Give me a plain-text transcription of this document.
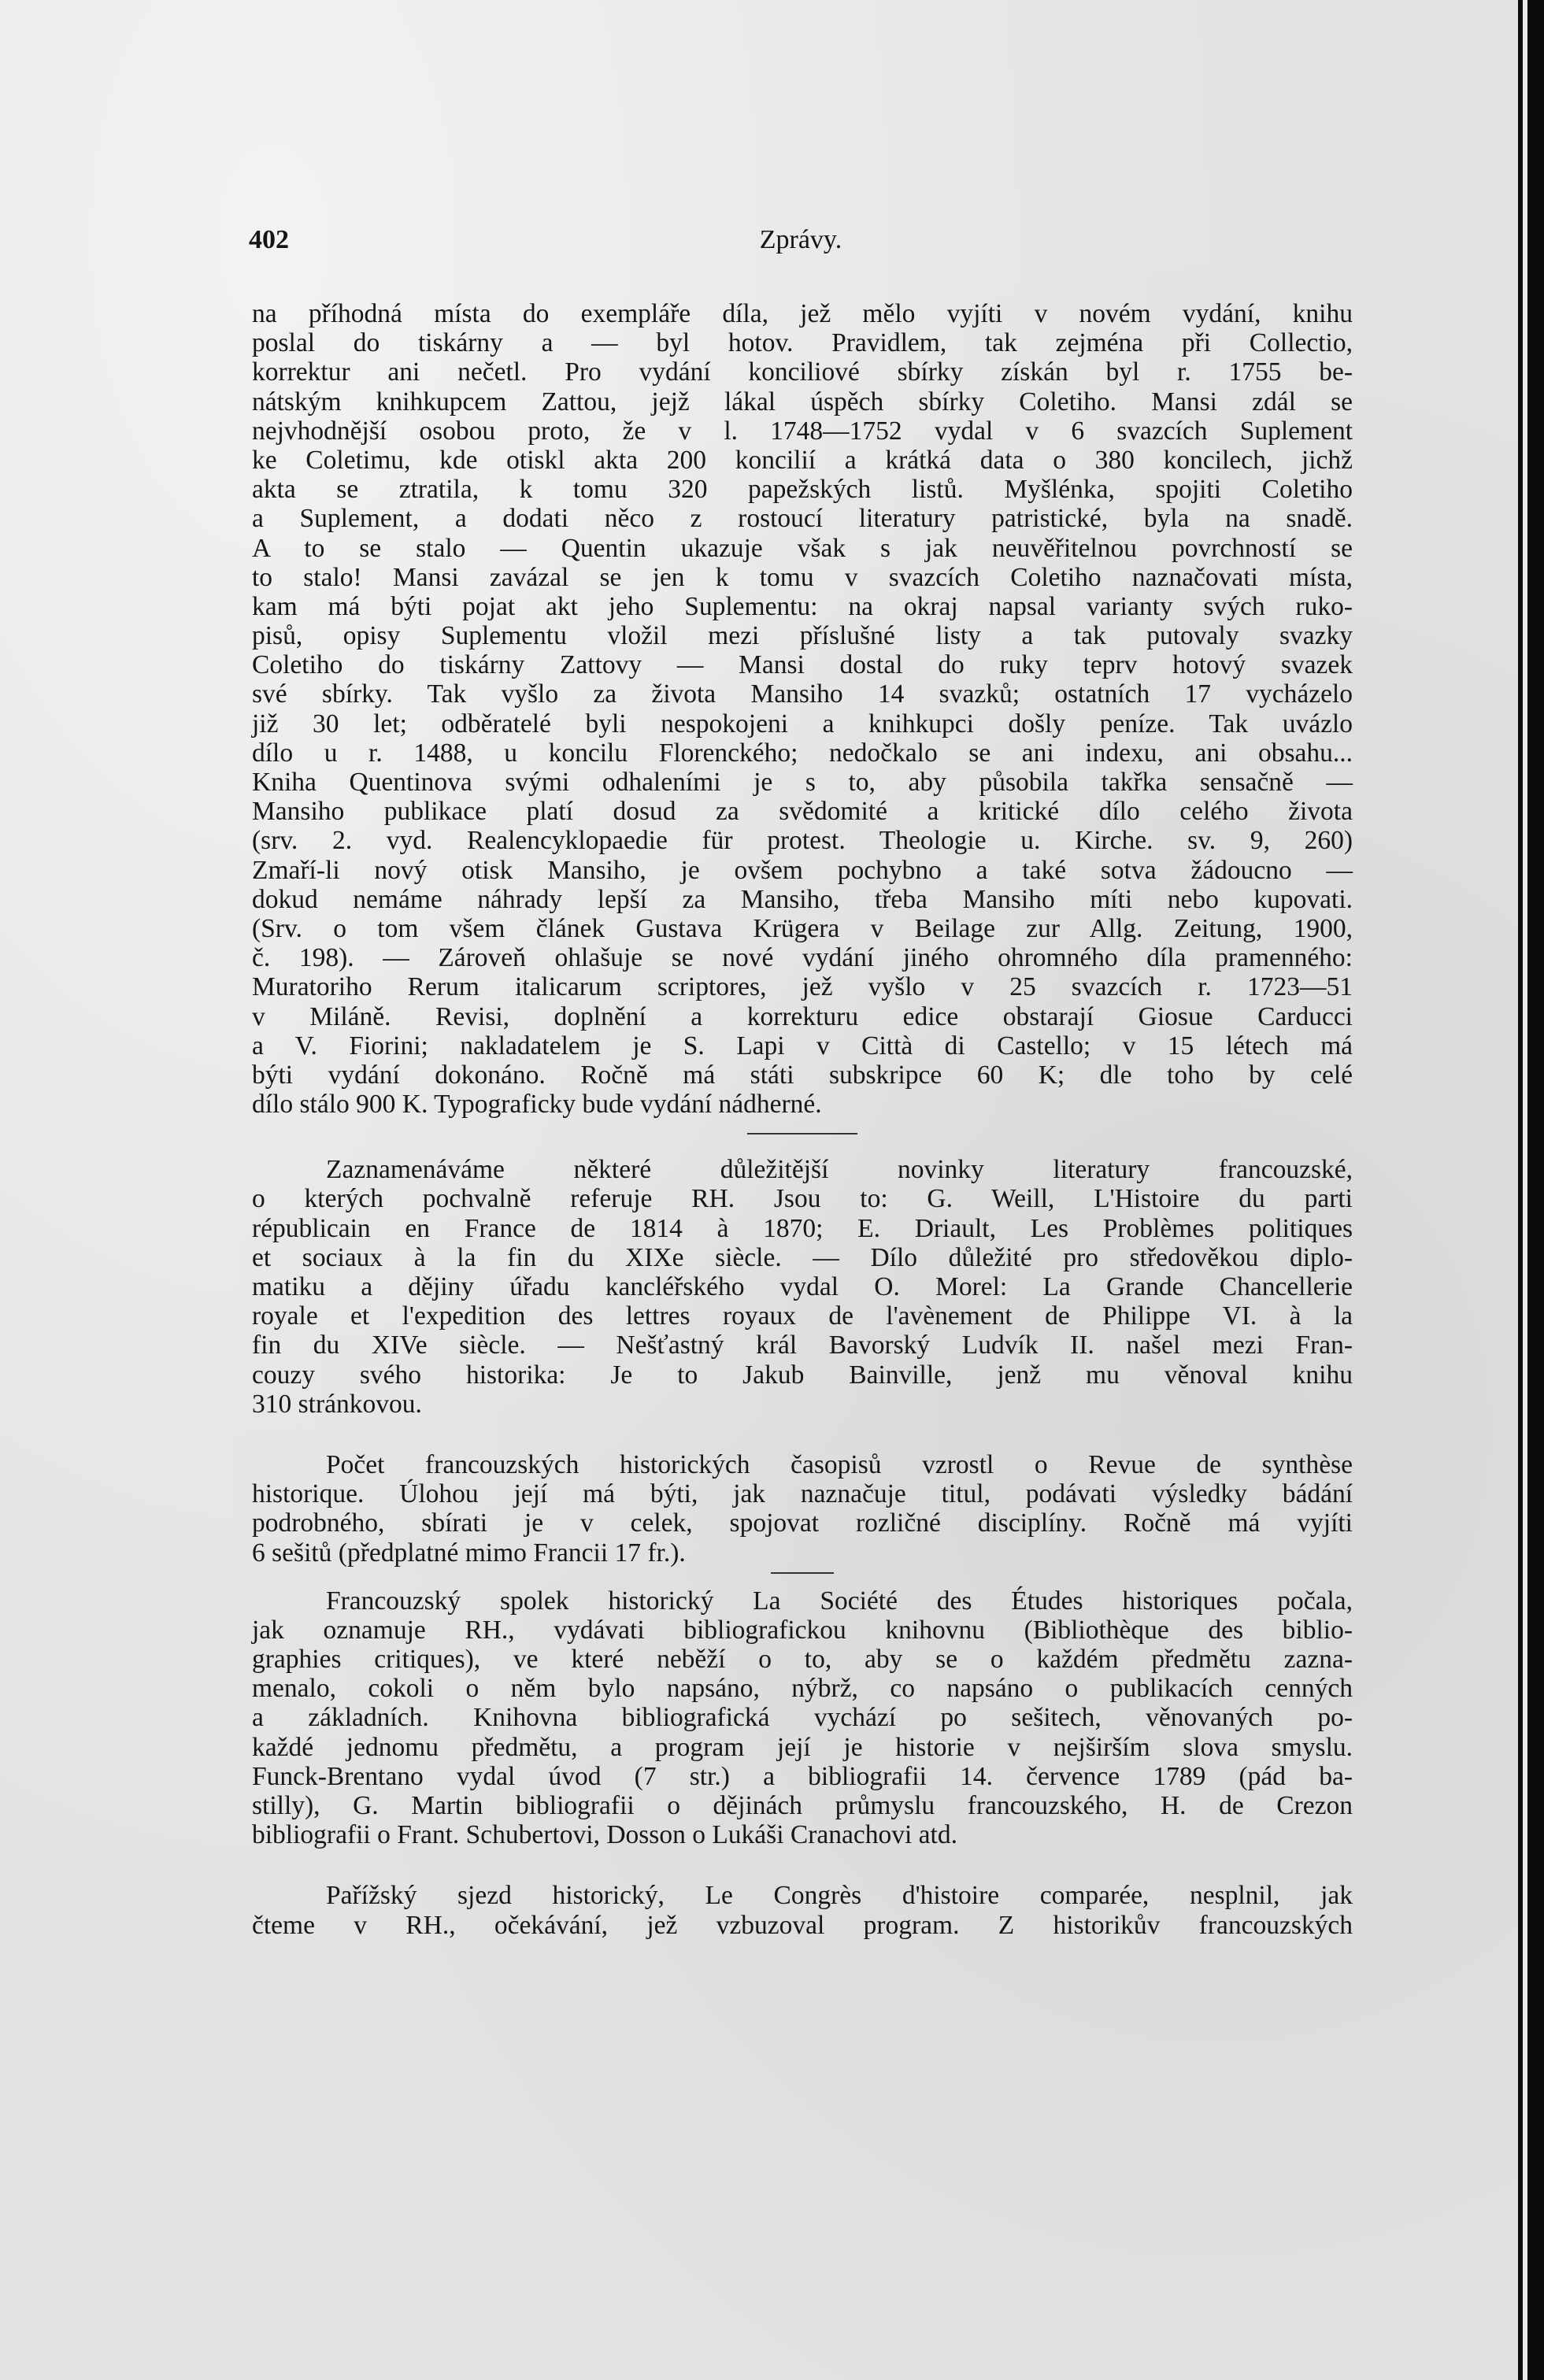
402	Zprávy.
na příhodná místa do exempláře díla, jež mělo vyjíti v novém vydání, knihu
poslal do tiskárny a — byl hotov. Pravidlem, tak zejména při Collectio,
korrektur ani nečetl. Pro vydání konciliové sbírky získán byl r. 1755 be-
nátským knihkupcem Zattou, jejž lákal úspěch sbírky Coletiho. Mansi zdál se
nejvhodnější osobou proto, že v l. 1748—1752 vydal v 6 svazcích Suplement
ke Coletimu, kde otiskl akta 200 koncilií a krátká data o 380 koncilech, jichž
akta se ztratila, k tomu 320 papežských listů. Myšlénka, spojiti Coletiho
a Suplement, a dodati něco z rostoucí literatury patristické, byla na snadě.
A to se stalo — Quentin ukazuje však s jak neuvěřitelnou povrchností se
to stalo! Mansi zavázal se jen k tomu v svazcích Coletiho naznačovati místa,
kam má býti pojat akt jeho Suplementu: na okraj napsal varianty svých ruko-
pisů, opisy Suplementu vložil mezi příslušné listy a tak putovaly svazky
Coletiho do tiskárny Zattovy — Mansi dostal do ruky teprv hotový svazek
své sbírky. Tak vyšlo za života Mansiho 14 svazků; ostatních 17 vycházelo
již 30 let; odběratelé byli nespokojeni a knihkupci došly peníze. Tak uvázlo
dílo u r. 1488, u koncilu Florenckého; nedočkalo se ani indexu, ani obsahu...
Kniha Quentinova svými odhaleními je s to, aby působila takřka sensačně —
Mansiho publikace platí dosud za svědomité a kritické dílo celého života
(srv. 2. vyd. Realencyklopaedie für protest. Theologie u. Kirche. sv. 9, 260)
Zmaří-li nový otisk Mansiho, je ovšem pochybno a také sotva žádoucno —
dokud nemáme náhrady lepší za Mansiho, třeba Mansiho míti nebo kupovati.
(Srv. o tom všem článek Gustava Krügera v Beilage zur Allg. Zeitung, 1900,
č. 198). — Zároveň ohlašuje se nové vydání jiného ohromného díla pramenného:
Muratoriho Rerum italicarum scriptores, jež vyšlo v 25 svazcích r. 1723—51
v Miláně. Revisi, doplnění a korrekturu edice obstarají Giosue Carducci
a V. Fiorini; nakladatelem je S. Lapi v Città di Castello; v 15 létech má
býti vydání dokonáno. Ročně má státi subskripce 60 K; dle toho by celé
dílo stálo 900 K. Typograficky bude vydání nádherné.
Zaznamenáváme některé důležitější novinky literatury francouzské,
o kterých pochvalně referuje RH. Jsou to: G. Weill, L'Histoire du parti
républicain en France de 1814 à 1870; E. Driault, Les Problèmes politiques
et sociaux à la fin du XIXe siècle. — Dílo důležité pro středověkou diplo-
matiku a dějiny úřadu kancléřského vydal O. Morel: La Grande Chancellerie
royale et l'expedition des lettres royaux de l'avènement de Philippe VI. à la
fin du XIVe siècle. — Nešťastný král Bavorský Ludvík II. našel mezi Fran-
couzy svého historika: Je to Jakub Bainville, jenž mu věnoval knihu
310 stránkovou.
Počet francouzských historických časopisů vzrostl o Revue de synthèse
historique. Úlohou její má býti, jak naznačuje titul, podávati výsledky bádání
podrobného, sbírati je v celek, spojovat rozličné disciplíny. Ročně má vyjíti
6 sešitů (předplatné mimo Francii 17 fr.).
Francouzský spolek historický La Société des Études historiques počala,
jak oznamuje RH., vydávati bibliografickou knihovnu (Bibliothèque des biblio-
graphies critiques), ve které neběží o to, aby se o každém předmětu zazna-
menalo, cokoli o něm bylo napsáno, nýbrž, co napsáno o publikacích cenných
a základních. Knihovna bibliografická vychází po sešitech, věnovaných po-
každé jednomu předmětu, a program její je historie v nejširším slova smyslu.
Funck-Brentano vydal úvod (7 str.) a bibliografii 14. července 1789 (pád ba-
stilly), G. Martin bibliografii o dějinách průmyslu francouzského, H. de Crezon
bibliografii o Frant. Schubertovi, Dosson o Lukáši Cranachovi atd.
Pařížský sjezd historický, Le Congrès d'histoire comparée, nesplnil, jak
čteme v RH., očekávání, jež vzbuzoval program. Z historikův francouzských
